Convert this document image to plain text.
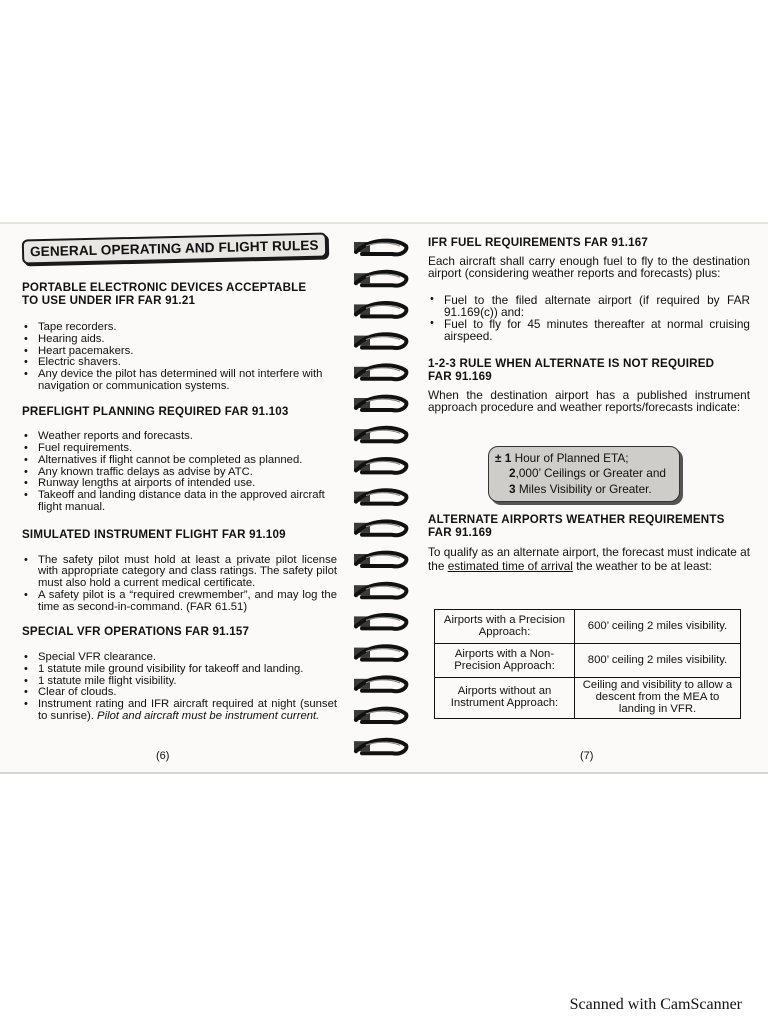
GENERAL OPERATING AND FLIGHT RULES
PORTABLE ELECTRONIC DEVICES ACCEPTABLE
TO USE UNDER IFR FAR 91.21
• Tape recorders.
• Hearing aids.
• Heart pacemakers.
• Electric shavers.
• Any device the pilot has determined will not interfere with navigation or communication systems.
PREFLIGHT PLANNING REQUIRED FAR 91.103
• Weather reports and forecasts.
• Fuel requirements.
• Alternatives if flight cannot be completed as planned.
• Any known traffic delays as advise by ATC.
• Runway lengths at airports of intended use.
• Takeoff and landing distance data in the approved aircraft flight manual.
SIMULATED INSTRUMENT FLIGHT FAR 91.109
• The safety pilot must hold at least a private pilot license with appropriate category and class ratings. The safety pilot must also hold a current medical certificate.
• A safety pilot is a “required crewmember”, and may log the time as second-in-command. (FAR 61.51)
SPECIAL VFR OPERATIONS FAR 91.157
• Special VFR clearance.
• 1 statute mile ground visibility for takeoff and landing.
• 1 statute mile flight visibility.
• Clear of clouds.
• Instrument rating and IFR aircraft required at night (sunset to sunrise). Pilot and aircraft must be instrument current.
(6)
IFR FUEL REQUIREMENTS FAR 91.167

Each aircraft shall carry enough fuel to fly to the destination airport (considering weather reports and forecasts) plus:

• Fuel to the filed alternate airport (if required by FAR 91.169(c)) and:
• Fuel to fly for 45 minutes thereafter at normal cruising airspeed.
1-2-3 RULE WHEN ALTERNATE IS NOT REQUIRED
FAR 91.169

When the destination airport has a published instrument approach procedure and weather reports/forecasts indicate:

ALTERNATE AIRPORTS WEATHER REQUIREMENTS
FAR 91.169

To qualify as an alternate airport, the forecast must indicate at the estimated time of arrival the weather to be at least:

± 1 Hour of Planned ETA;
2,000’ Ceilings or Greater and
3 Miles Visibility or Greater.
Airports with a Precision Approach:	600’ ceiling 2 miles visibility.
Airports with a Non-Precision Approach:	800’ ceiling 2 miles visibility.
Airports without an Instrument Approach:	Ceiling and visibility to allow a descent from the MEA to landing in VFR.
(7)
Scanned with CamScanner
